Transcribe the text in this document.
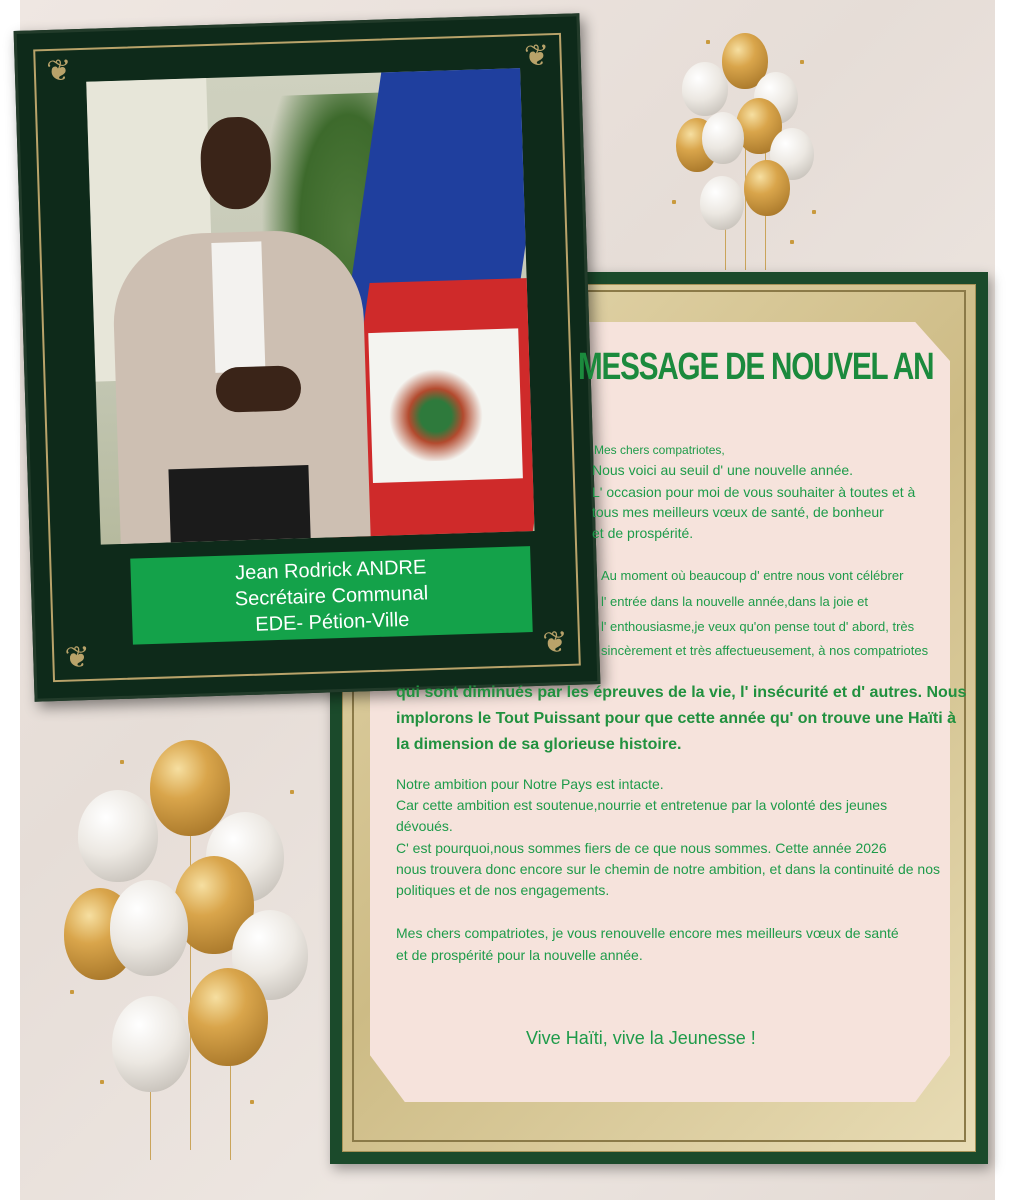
❦	❦
❦	❦
Jean Rodrick ANDRE
Secrétaire Communal
EDE- Pétion-Ville
MESSAGE DE NOUVEL AN
Mes chers compatriotes,
Nous voici au seuil d' une nouvelle année.
L' occasion pour moi de vous souhaiter à toutes et à
tous mes meilleurs vœux de santé, de bonheur
et de prospérité.
Au moment où beaucoup d' entre nous vont célébrer
l' entrée dans la nouvelle année,dans la joie et
l' enthousiasme,je veux qu'on pense tout d' abord, très
sincèrement et très affectueusement, à nos compatriotes
qui sont diminués par les épreuves de la vie, l' insécurité et d' autres. Nous
implorons le Tout Puissant pour que cette année qu' on trouve une Haïti à
la dimension de sa glorieuse histoire.
Notre ambition pour Notre Pays est intacte.
Car cette ambition est soutenue,nourrie et entretenue par la volonté des jeunes
dévoués.
C' est pourquoi,nous sommes fiers de ce que nous sommes. Cette année 2026
nous trouvera donc encore sur le chemin de notre ambition, et dans la continuité de nos
politiques et de nos engagements.
Mes chers compatriotes, je vous renouvelle encore mes meilleurs vœux de santé
et de prospérité pour la nouvelle année.
Vive Haïti, vive la Jeunesse !
